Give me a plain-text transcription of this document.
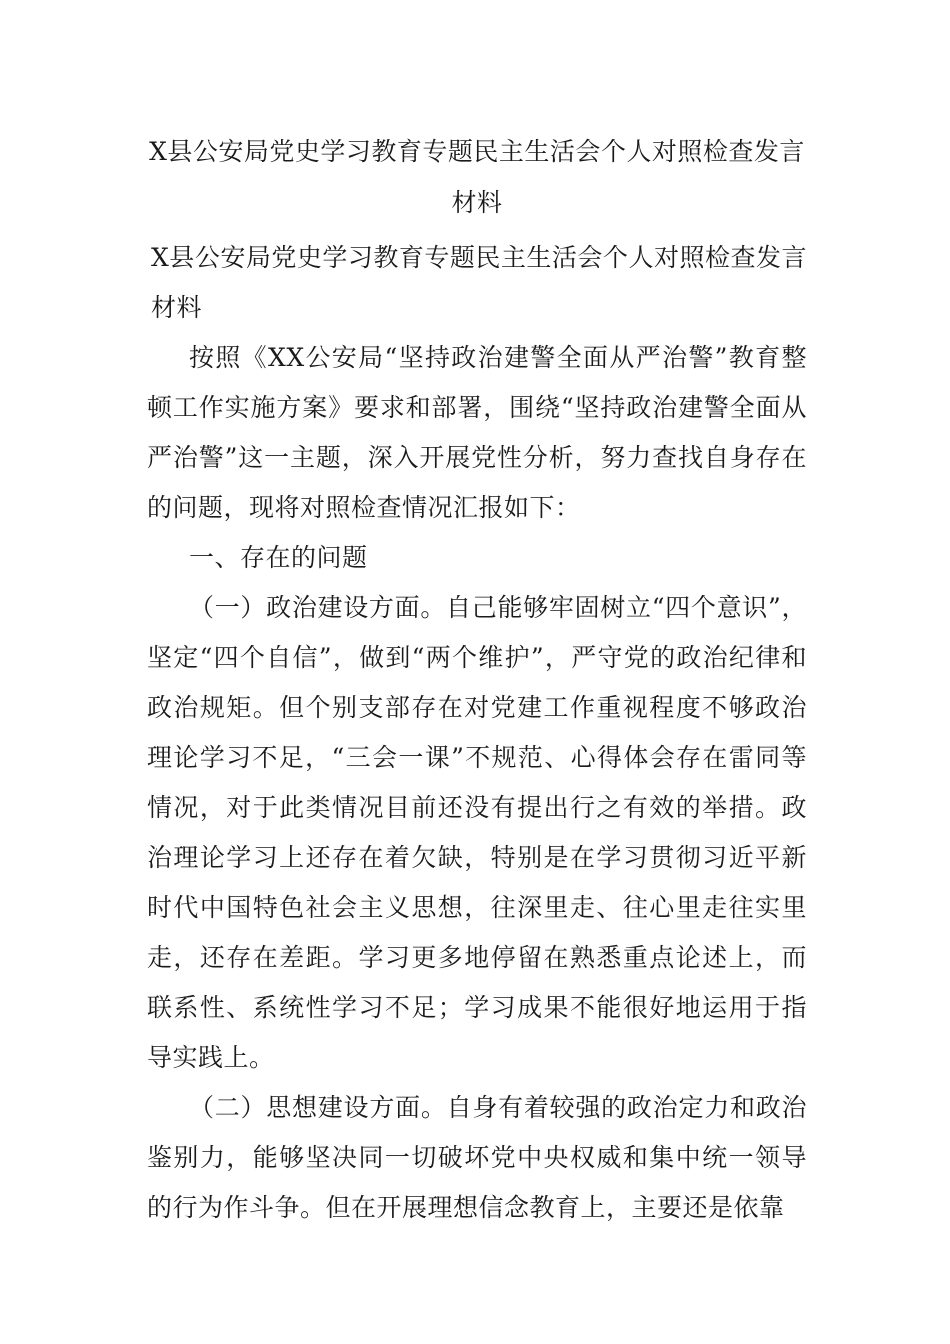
X县公安局党史学习教育专题民主生活会个人对照检查发言材料

X县公安局党史学习教育专题民主生活会个人对照检查发言材料

按照《XX公安局“坚持政治建警全面从严治警”教育整顿工作实施方案》要求和部署，围绕“坚持政治建警全面从严治警”这一主题，深入开展党性分析，努力查找自身存在的问题，现将对照检查情况汇报如下：

一、存在的问题

（一）政治建设方面。自己能够牢固树立“四个意识”，坚定“四个自信”，做到“两个维护”，严守党的政治纪律和政治规矩。但个别支部存在对党建工作重视程度不够政治理论学习不足，“三会一课”不规范、心得体会存在雷同等情况，对于此类情况目前还没有提出行之有效的举措。政治理论学习上还存在着欠缺，特别是在学习贯彻习近平新时代中国特色社会主义思想，往深里走、往心里走往实里走，还存在差距。学习更多地停留在熟悉重点论述上，而联系性、系统性学习不足；学习成果不能很好地运用于指导实践上。

（二）思想建设方面。自身有着较强的政治定力和政治鉴别力，能够坚决同一切破坏党中央权威和集中统一领导的行为作斗争。但在开展理想信念教育上，主要还是依靠
